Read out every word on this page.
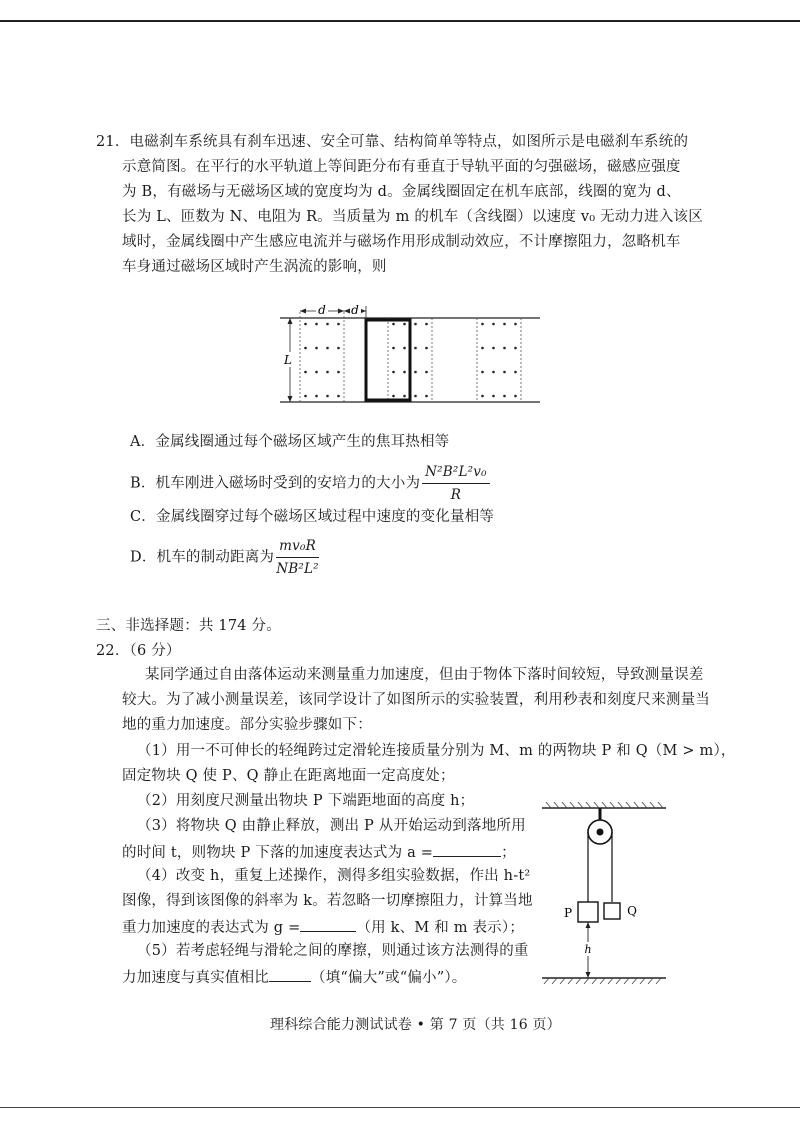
21．电磁刹车系统具有刹车迅速、安全可靠、结构简单等特点，如图所示是电磁刹车系统的
示意简图。在平行的水平轨道上等间距分布有垂直于导轨平面的匀强磁场，磁感应强度
为 B，有磁场与无磁场区域的宽度均为 d。金属线圈固定在机车底部，线圈的宽为 d、
长为 L、匝数为 N、电阻为 R。当质量为 m 的机车（含线圈）以速度 v₀ 无动力进入该区
域时，金属线圈中产生感应电流并与磁场作用形成制动效应，不计摩擦阻力，忽略机车
车身通过磁场区域时产生涡流的影响，则
d d
L
A．金属线圈通过每个磁场区域产生的焦耳热相等
B．机车刚进入磁场时受到的安培力的大小为 $\frac{\text{N²B²L²v₀}}{R}$
C．金属线圈穿过每个磁场区域过程中速度的变化量相等
D．机车的制动距离为 $\frac{\text{mv₀R}}{\text{NB²L²}}$
三、非选择题：共 174 分。
22．（6 分）
某同学通过自由落体运动来测量重力加速度，但由于物体下落时间较短，导致测量误差
较大。为了减小测量误差，该同学设计了如图所示的实验装置，利用秒表和刻度尺来测量当
地的重力加速度。部分实验步骤如下：
（1）用一不可伸长的轻绳跨过定滑轮连接质量分别为 M、m 的两物块 P 和 Q（M > m），
固定物块 Q 使 P、Q 静止在距离地面一定高度处；
（2）用刻度尺测量出物块 P 下端距地面的高度 h；
（3）将物块 Q 由静止释放，测出 P 从开始运动到落地所用
的时间 t，则物块 P 下落的加速度表达式为 a =	；
（4）改变 h，重复上述操作，测得多组实验数据，作出 h-t²
图像，得到该图像的斜率为 k。若忽略一切摩擦阻力，计算当地
重力加速度的表达式为 g =	（用 k、M 和 m 表示）；
（5）若考虑轻绳与滑轮之间的摩擦，则通过该方法测得的重
力加速度与真实值相比	（填“偏大”或“偏小”）。
P	Q
h
理科综合能力测试试卷 • 第 7 页（共 16 页）
